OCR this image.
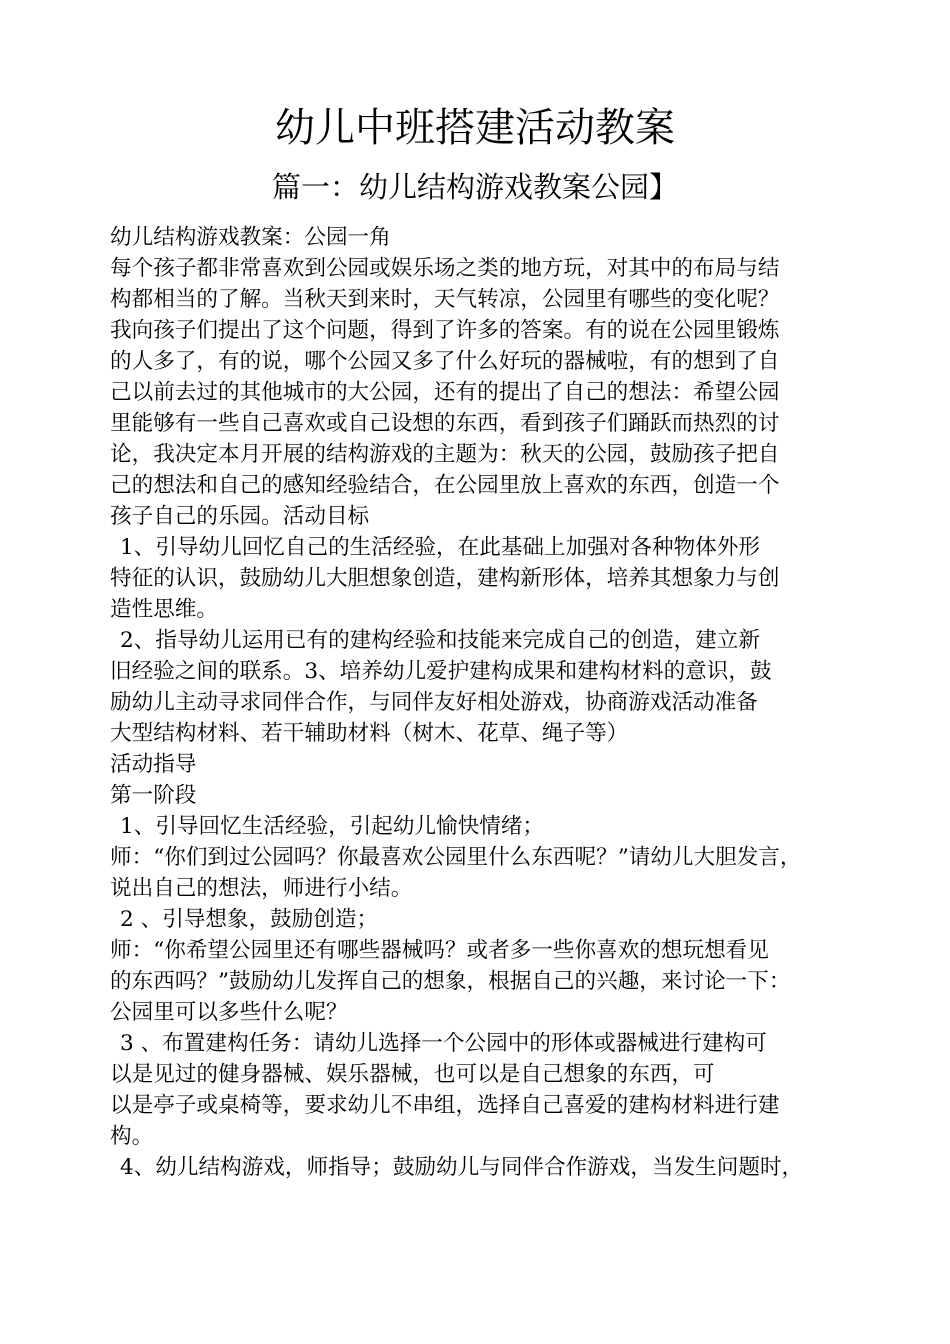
幼儿中班搭建活动教案
篇一：幼儿结构游戏教案公园】
幼儿结构游戏教案：公园一角
每个孩子都非常喜欢到公园或娱乐场之类的地方玩，对其中的布局与结
构都相当的了解。当秋天到来时，天气转凉，公园里有哪些的变化呢？
我向孩子们提出了这个问题，得到了许多的答案。有的说在公园里锻炼
的人多了，有的说，哪个公园又多了什么好玩的器械啦，有的想到了自
己以前去过的其他城市的大公园，还有的提出了自己的想法：希望公园
里能够有一些自己喜欢或自己设想的东西，看到孩子们踊跃而热烈的讨
论，我决定本月开展的结构游戏的主题为：秋天的公园，鼓励孩子把自
己的想法和自己的感知经验结合，在公园里放上喜欢的东西，创造一个
孩子自己的乐园。活动目标
1、引导幼儿回忆自己的生活经验，在此基础上加强对各种物体外形
特征的认识，鼓励幼儿大胆想象创造，建构新形体，培养其想象力与创
造性思维。
2、指导幼儿运用已有的建构经验和技能来完成自己的创造，建立新
旧经验之间的联系。3、培养幼儿爱护建构成果和建构材料的意识，鼓
励幼儿主动寻求同伴合作，与同伴友好相处游戏，协商游戏活动准备
大型结构材料、若干辅助材料（树木、花草、绳子等）
活动指导
第一阶段
1、引导回忆生活经验，引起幼儿愉快情绪；
师：“你们到过公园吗？你最喜欢公园里什么东西呢？”请幼儿大胆发言，
说出自己的想法，师进行小结。
2 、引导想象，鼓励创造；
师：“你希望公园里还有哪些器械吗？或者多一些你喜欢的想玩想看见
的东西吗？”鼓励幼儿发挥自己的想象，根据自己的兴趣，来讨论一下：
公园里可以多些什么呢？
3 、布置建构任务：请幼儿选择一个公园中的形体或器械进行建构可
以是见过的健身器械、娱乐器械，也可以是自己想象的东西，可
以是亭子或桌椅等，要求幼儿不串组，选择自己喜爱的建构材料进行建
构。
4、幼儿结构游戏，师指导；鼓励幼儿与同伴合作游戏，当发生问题时，
